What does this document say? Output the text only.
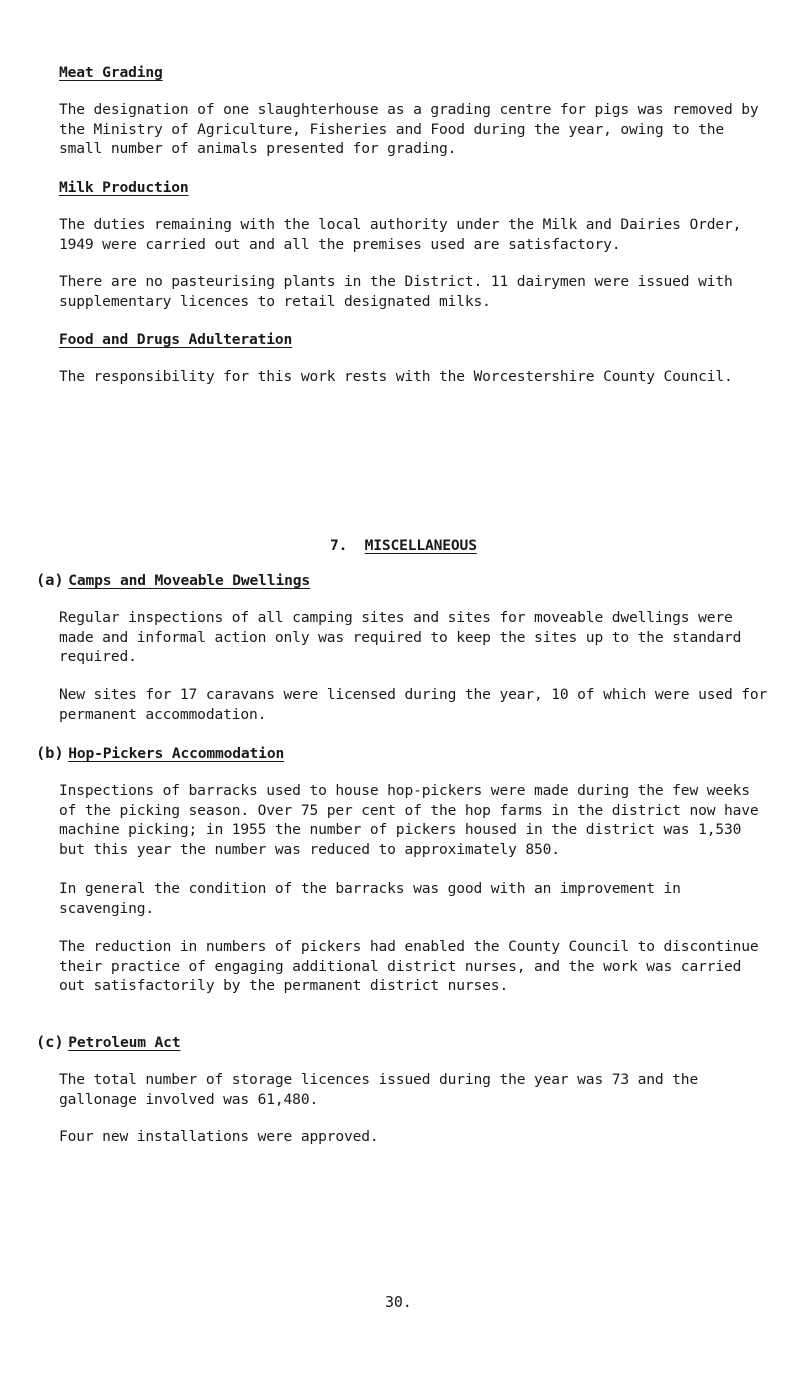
Meat Grading

The designation of one slaughterhouse as a grading centre for pigs was removed by the Ministry of Agriculture, Fisheries and Food during the year, owing to the small number of animals presented for grading.

Milk Production

The duties remaining with the local authority under the Milk and Dairies Order, 1949 were carried out and all the premises used are satisfactory.

There are no pasteurising plants in the District. 11 dairymen were issued with supplementary licences to retail designated milks.

Food and Drugs Adulteration

The responsibility for this work rests with the Worcestershire County Council.

7. MISCELLANEOUS
(a) Camps and Moveable Dwellings

Regular inspections of all camping sites and sites for moveable dwellings were made and informal action only was required to keep the sites up to the standard required.

New sites for 17 caravans were licensed during the year, 10 of which were used for permanent accommodation.

(b) Hop-Pickers Accommodation

Inspections of barracks used to house hop-pickers were made during the few weeks of the picking season. Over 75 per cent of the hop farms in the district now have machine picking; in 1955 the number of pickers housed in the district was 1,530 but this year the number was reduced to approximately 850.

In general the condition of the barracks was good with an improvement in scavenging.

The reduction in numbers of pickers had enabled the County Council to discontinue their practice of engaging additional district nurses, and the work was carried out satisfactorily by the permanent district nurses.

(c) Petroleum Act

The total number of storage licences issued during the year was 73 and the gallonage involved was 61,480.

Four new installations were approved.

30.
